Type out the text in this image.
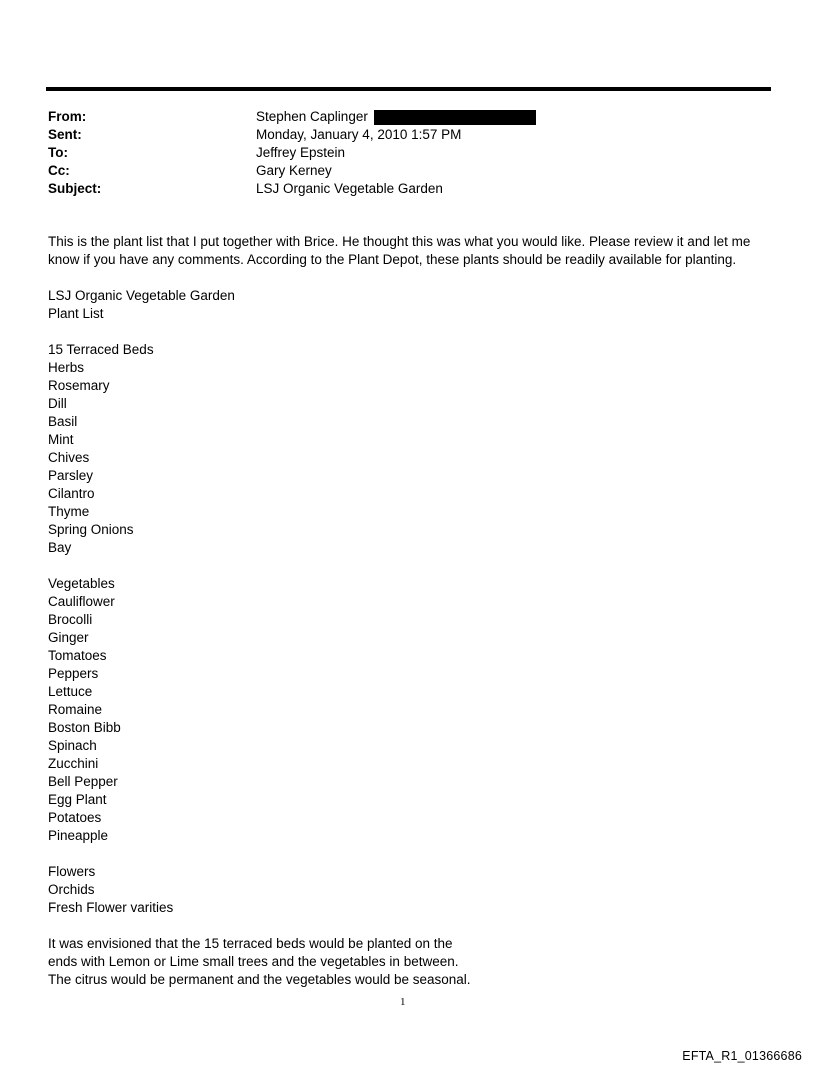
From:	Stephen Caplinger
Sent:	Monday, January 4, 2010 1:57 PM
To:	Jeffrey Epstein
Cc:	Gary Kerney
Subject:	LSJ Organic Vegetable Garden
This is the plant list that I put together with Brice. He thought this was what you would like. Please review it and let me
know if you have any comments. According to the Plant Depot, these plants should be readily available for planting.
LSJ Organic Vegetable Garden
Plant List
15 Terraced Beds
Herbs
Rosemary
Dill
Basil
Mint
Chives
Parsley
Cilantro
Thyme
Spring Onions
Bay
Vegetables
Cauliflower
Brocolli
Ginger
Tomatoes
Peppers
Lettuce
Romaine
Boston Bibb
Spinach
Zucchini
Bell Pepper
Egg Plant
Potatoes
Pineapple
Flowers
Orchids
Fresh Flower varities
It was envisioned that the 15 terraced beds would be planted on the
ends with Lemon or Lime small trees and the vegetables in between.
The citrus would be permanent and the vegetables would be seasonal.
1
EFTA_R1_01366686
